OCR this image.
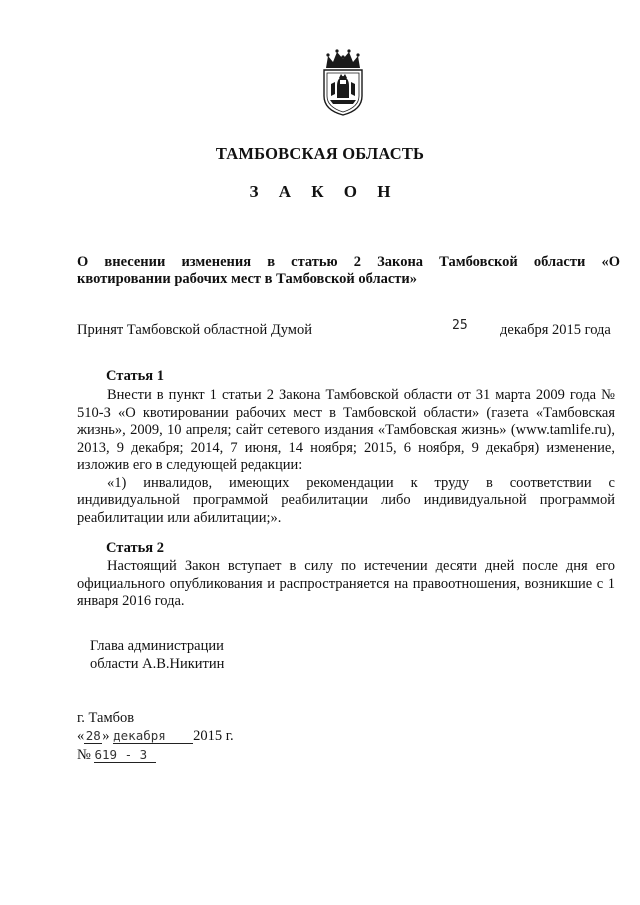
ТАМБОВСКАЯ ОБЛАСТЬ
З А К О Н
О внесении изменения в статью 2 Закона Тамбовской области «О
квотировании рабочих мест в Тамбовской области»
Принят Тамбовской областной Думой	25 декабря 2015 года
Статья 1

Внести в пункт 1 статьи 2 Закона Тамбовской области от 31 марта 2009 года № 510-З «О квотировании рабочих мест в Тамбовской области» (газета «Тамбовская жизнь», 2009, 10 апреля; сайт сетевого издания «Тамбовская жизнь» (www.tamlife.ru), 2013, 9 декабря; 2014, 7 июня, 14 ноября; 2015, 6 ноября, 9 декабря) изменение, изложив его в следующей редакции:

«1) инвалидов, имеющих рекомендации к труду в соответствии с индивидуальной программой реабилитации либо индивидуальной программой реабилитации или абилитации;».

Статья 2

Настоящий Закон вступает в силу по истечении десяти дней после дня его официального опубликования и распространяется на правоотношения, возникшие с 1 января 2016 года.

Глава администрации
области А.В.Никитин
г. Тамбов
«28» декабря 2015 г.
№ 619 - 3
